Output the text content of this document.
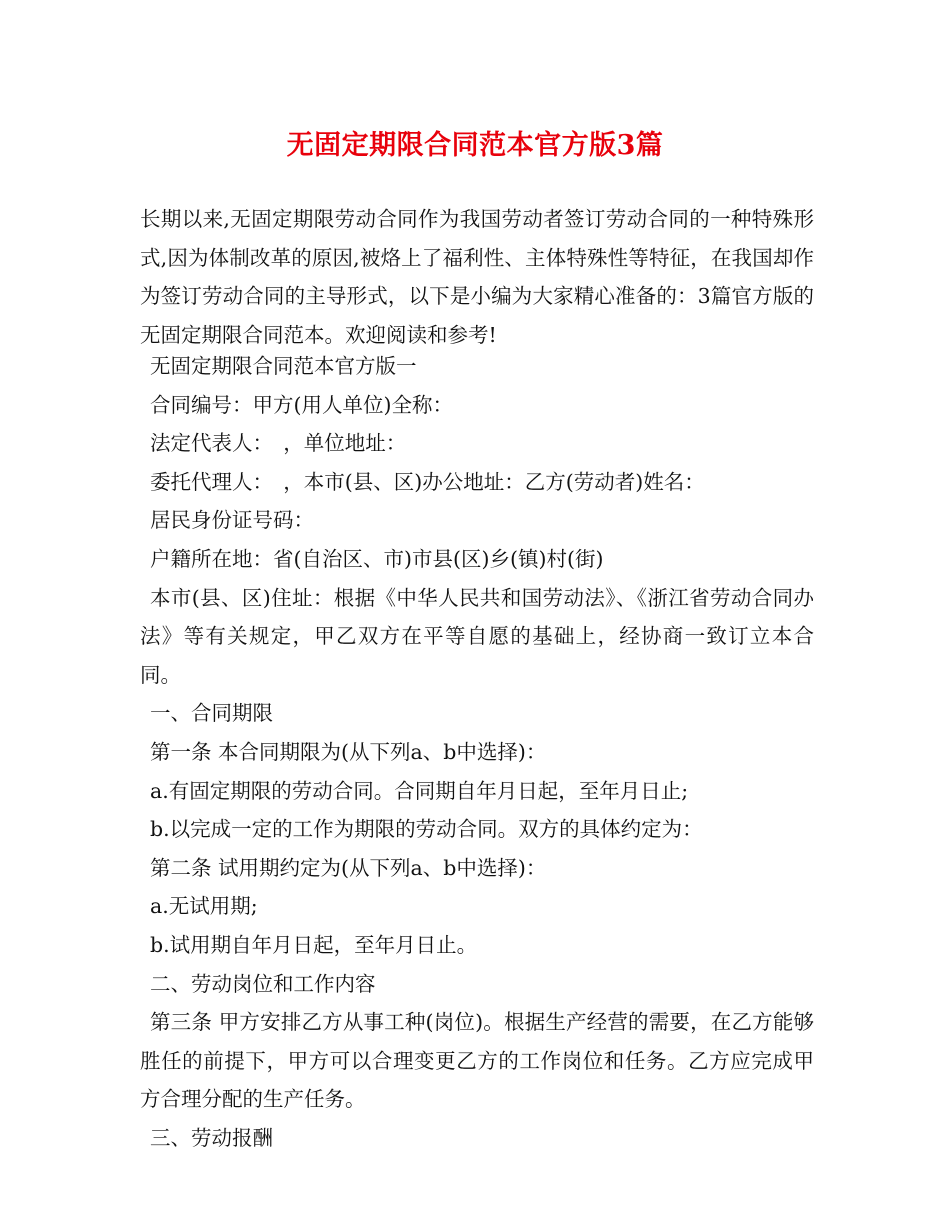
无固定期限合同范本官方版3篇

长期以来,无固定期限劳动合同作为我国劳动者签订劳动合同的一种特殊形式,因为体制改革的原因,被烙上了福利性、主体特殊性等特征，在我国却作为签订劳动合同的主导形式，以下是小编为大家精心准备的：3篇官方版的无固定期限合同范本。欢迎阅读和参考!

无固定期限合同范本官方版一
合同编号：甲方(用人单位)全称：
法定代表人：　，单位地址：
委托代理人：　，本市(县、区)办公地址：乙方(劳动者)姓名：
居民身份证号码：
户籍所在地：省(自治区、市)市县(区)乡(镇)村(街)
本市(县、区)住址：根据《中华人民共和国劳动法》、《浙江省劳动合同办法》等有关规定，甲乙双方在平等自愿的基础上，经协商一致订立本合同。
一、合同期限
第一条 本合同期限为(从下列a、b中选择)：
a.有固定期限的劳动合同。合同期自年月日起，至年月日止;
b.以完成一定的工作为期限的劳动合同。双方的具体约定为：
第二条 试用期约定为(从下列a、b中选择)：
a.无试用期;
b.试用期自年月日起，至年月日止。
二、劳动岗位和工作内容
第三条 甲方安排乙方从事工种(岗位)。根据生产经营的需要，在乙方能够胜任的前提下，甲方可以合理变更乙方的工作岗位和任务。乙方应完成甲方合理分配的生产任务。
三、劳动报酬
